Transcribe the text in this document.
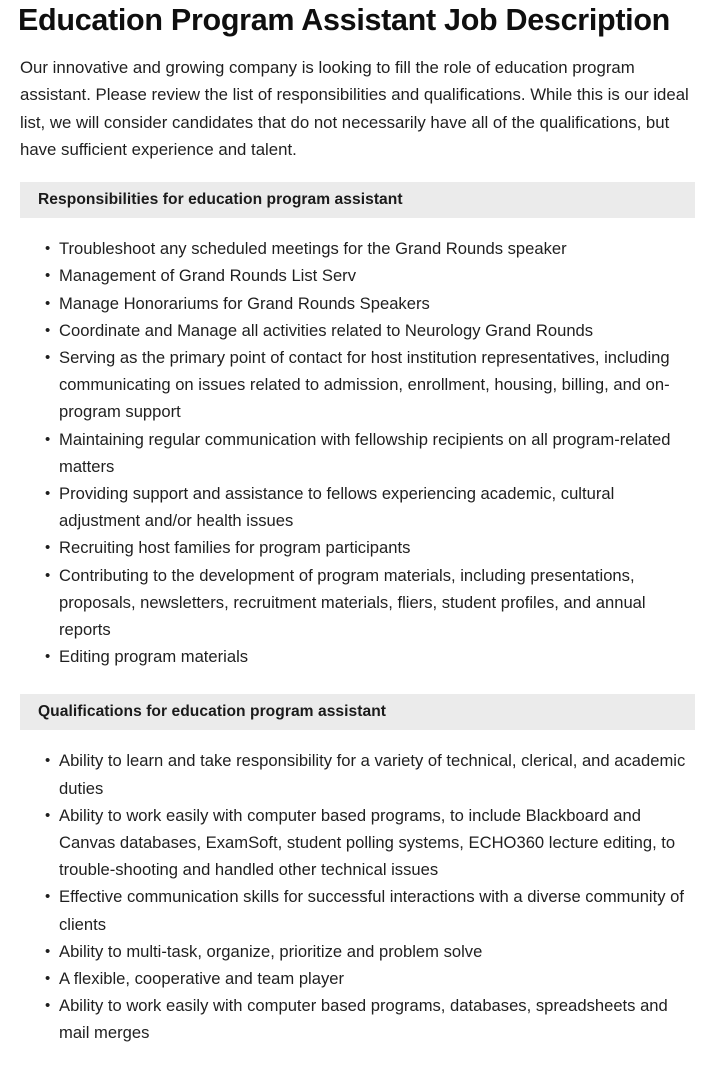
Education Program Assistant Job Description

Our innovative and growing company is looking to fill the role of education program assistant. Please review the list of responsibilities and qualifications. While this is our ideal list, we will consider candidates that do not necessarily have all of the qualifications, but have sufficient experience and talent.

Responsibilities for education program assistant
• Troubleshoot any scheduled meetings for the Grand Rounds speaker
• Management of Grand Rounds List Serv
• Manage Honorariums for Grand Rounds Speakers
• Coordinate and Manage all activities related to Neurology Grand Rounds
• Serving as the primary point of contact for host institution representatives, including communicating on issues related to admission, enrollment, housing, billing, and on-program support
• Maintaining regular communication with fellowship recipients on all program-related matters
• Providing support and assistance to fellows experiencing academic, cultural adjustment and/or health issues
• Recruiting host families for program participants
• Contributing to the development of program materials, including presentations, proposals, newsletters, recruitment materials, fliers, student profiles, and annual reports
• Editing program materials
Qualifications for education program assistant
• Ability to learn and take responsibility for a variety of technical, clerical, and academic duties
• Ability to work easily with computer based programs, to include Blackboard and Canvas databases, ExamSoft, student polling systems, ECHO360 lecture editing, to trouble-shooting and handled other technical issues
• Effective communication skills for successful interactions with a diverse community of clients
• Ability to multi-task, organize, prioritize and problem solve
• A flexible, cooperative and team player
• Ability to work easily with computer based programs, databases, spreadsheets and mail merges
